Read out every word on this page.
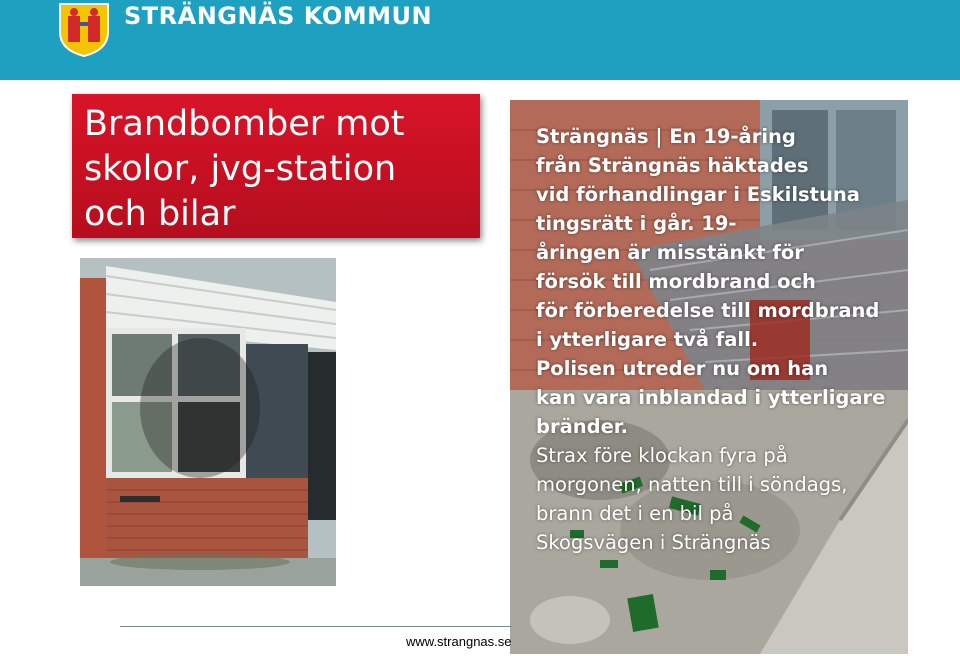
STRÄNGNÄS KOMMUN
Brandbomber mot
skolor, jvg-station
och bilar
Strängnäs | En 19-åring
från Strängnäs häktades
vid förhandlingar i Eskilstuna
tingsrätt i går. 19-
åringen är misstänkt för
försök till mordbrand och
för förberedelse till mordbrand
i ytterligare två fall.
Polisen utreder nu om han
kan vara inblandad i ytterligare
bränder.
Strax före klockan fyra på
morgonen, natten till i söndags,
brann det i en bil på
Skogsvägen i Strängnäs
www.strangnas.se
